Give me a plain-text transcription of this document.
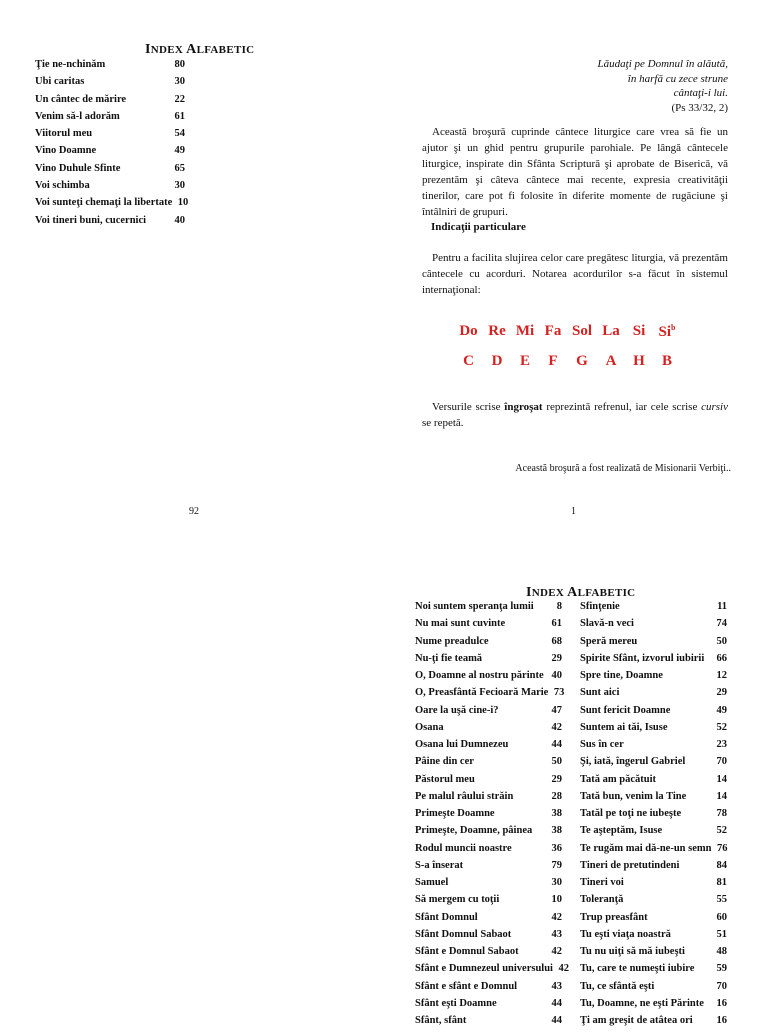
INDEX ALFABETIC
Ţie ne-nchinăm	80
Ubi caritas	30
Un cântec de mărire	22
Venim să-l adorăm	61
Viitorul meu	54
Vino Doamne	49
Vino Duhule Sfinte	65
Voi schimba	30
Voi sunteţi chemaţi la libertate 10
Voi tineri buni, cucernici	40
92
Lăudaţi pe Domnul în alăută,
în harfă cu zece strune
cântaţi-i lui.
(Ps 33/32, 2)
Această broşură cuprinde cântece liturgice care vrea să fie un ajutor şi un ghid pentru grupurile parohiale. Pe lângă cântecele liturgice, inspirate din Sfânta Scriptură şi aprobate de Biserică, vă prezentăm şi câteva cântece mai recente, expresia creativităţii tinerilor, care pot fi folosite în diferite momente de rugăciune şi întâlniri de grupuri.
Indicaţii particulare
Pentru a facilita slujirea celor care pregătesc liturgia, vă prezentăm cântecele cu acorduri. Notarea acordurilor s-a făcut în sistemul internaţional:
Do Re Mi Fa Sol La Si Si$^b$
C	D	E	F	G	A	H	B
Versurile scrise îngroşat reprezintă refrenul, iar cele scrise cursiv se repetă.
Această broşură a fost realizată de Misionarii Verbiţi..
1
INDEX ALFABETIC
Noi suntem speranţa lumii	8
Nu mai sunt cuvinte	61
Nume preadulce	68
Nu-ţi fie teamă	29
O, Doamne al nostru părinte 40
O, Preasfântă Fecioară Marie 73
Oare la uşă cine-i?	47
Osana	42
Osana lui Dumnezeu	44
Pâine din cer	50
Păstorul meu	29
Pe malul râului străin	28
Primeşte Doamne	38
Primeşte, Doamne, pâinea	38
Rodul muncii noastre	36
S-a înserat	79
Samuel	30
Să mergem cu toţii	10
Sfânt Domnul	42
Sfânt Domnul Sabaot	43
Sfânt e Domnul Sabaot	42
Sfânt e Dumnezeul universului 42
Sfânt e sfânt e Domnul	43
Sfânt eşti Doamne	44
Sfânt, sfânt	44
Sfinţenie	11
Slavă-n veci	74
Speră mereu	50
Spirite Sfânt, izvorul iubirii	66
Spre tine, Doamne	12
Sunt aici	29
Sunt fericit Doamne	49
Suntem ai tăi, Isuse	52
Sus în cer	23
Şi, iată, îngerul Gabriel	70
Tată am păcătuit	14
Tată bun, venim la Tine	14
Tatăl pe toţi ne iubeşte	78
Te aşteptăm, Isuse	52
Te rugăm mai dă-ne-un semn 76
Tineri de pretutindeni	84
Tineri voi	81
Toleranţă	55
Trup preasfânt	60
Tu eşti viaţa noastră	51
Tu nu uiţi să mă iubeşti	48
Tu, care te numeşti iubire	59
Tu, ce sfântă eşti	70
Tu, Doamne, ne eşti Părinte	16
Ţi am greşit de atâtea ori	16
